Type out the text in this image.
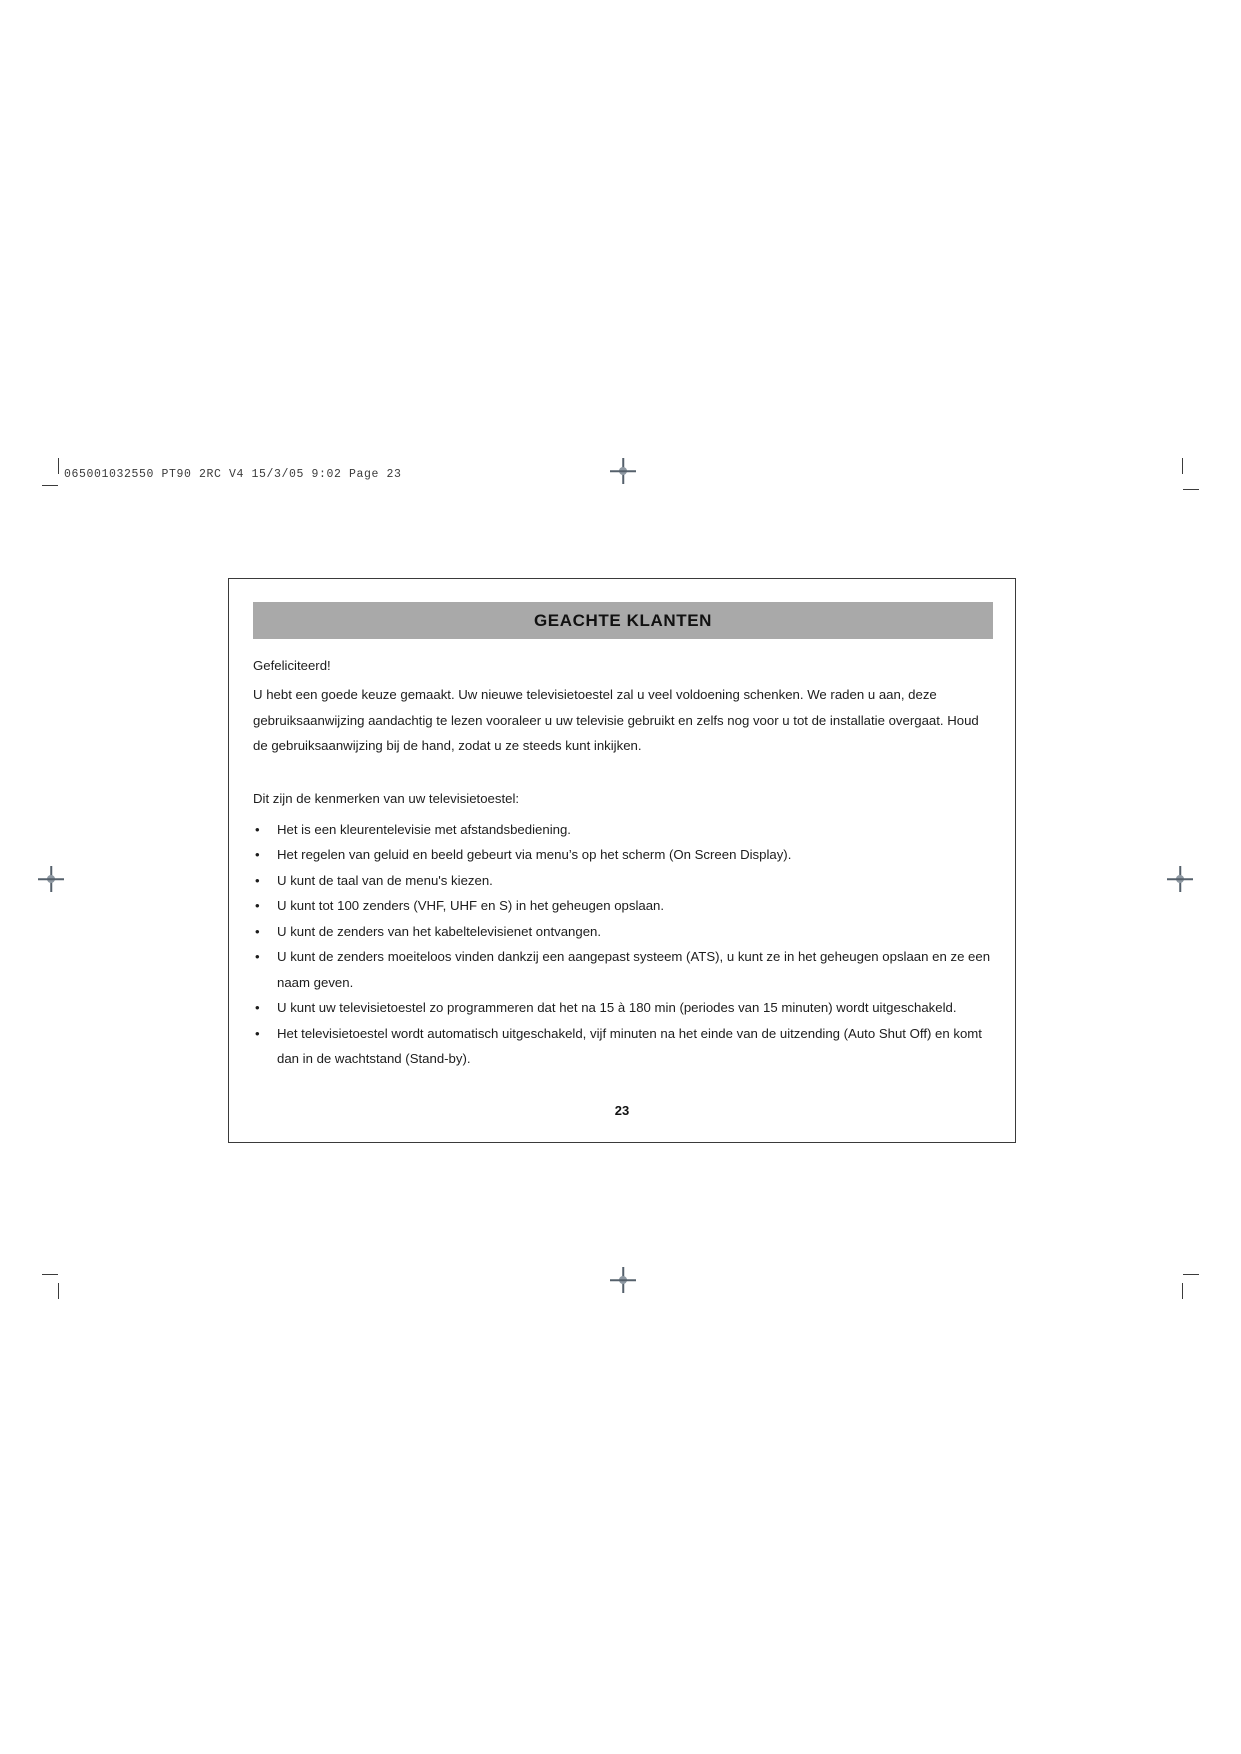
065001032550 PT90 2RC V4 15/3/05 9:02 Page 23
GEACHTE KLANTEN

Gefeliciteerd!

U hebt een goede keuze gemaakt. Uw nieuwe televisietoestel zal u veel voldoening schenken. We raden u aan, deze gebruiksaanwijzing aandachtig te lezen vooraleer u uw televisie gebruikt en zelfs nog voor u tot de installatie overgaat. Houd de gebruiksaanwijzing bij de hand, zodat u ze steeds kunt inkijken.

Dit zijn de kenmerken van uw televisietoestel:

•	Het is een kleurentelevisie met afstandsbediening.
•	Het regelen van geluid en beeld gebeurt via menu’s op het scherm (On Screen Display).
•	U kunt de taal van de menu's kiezen.
•	U kunt tot 100 zenders (VHF, UHF en S) in het geheugen opslaan.
•	U kunt de zenders van het kabeltelevisienet ontvangen.
•	U kunt de zenders moeiteloos vinden dankzij een aangepast systeem (ATS), u kunt ze in het geheugen opslaan en ze een naam geven.
•	U kunt uw televisietoestel zo programmeren dat het na 15 à 180 min (periodes van 15 minuten) wordt uitgeschakeld.
•	Het televisietoestel wordt automatisch uitgeschakeld, vijf minuten na het einde van de uitzending (Auto Shut Off) en komt dan in de wachtstand (Stand-by).
23
